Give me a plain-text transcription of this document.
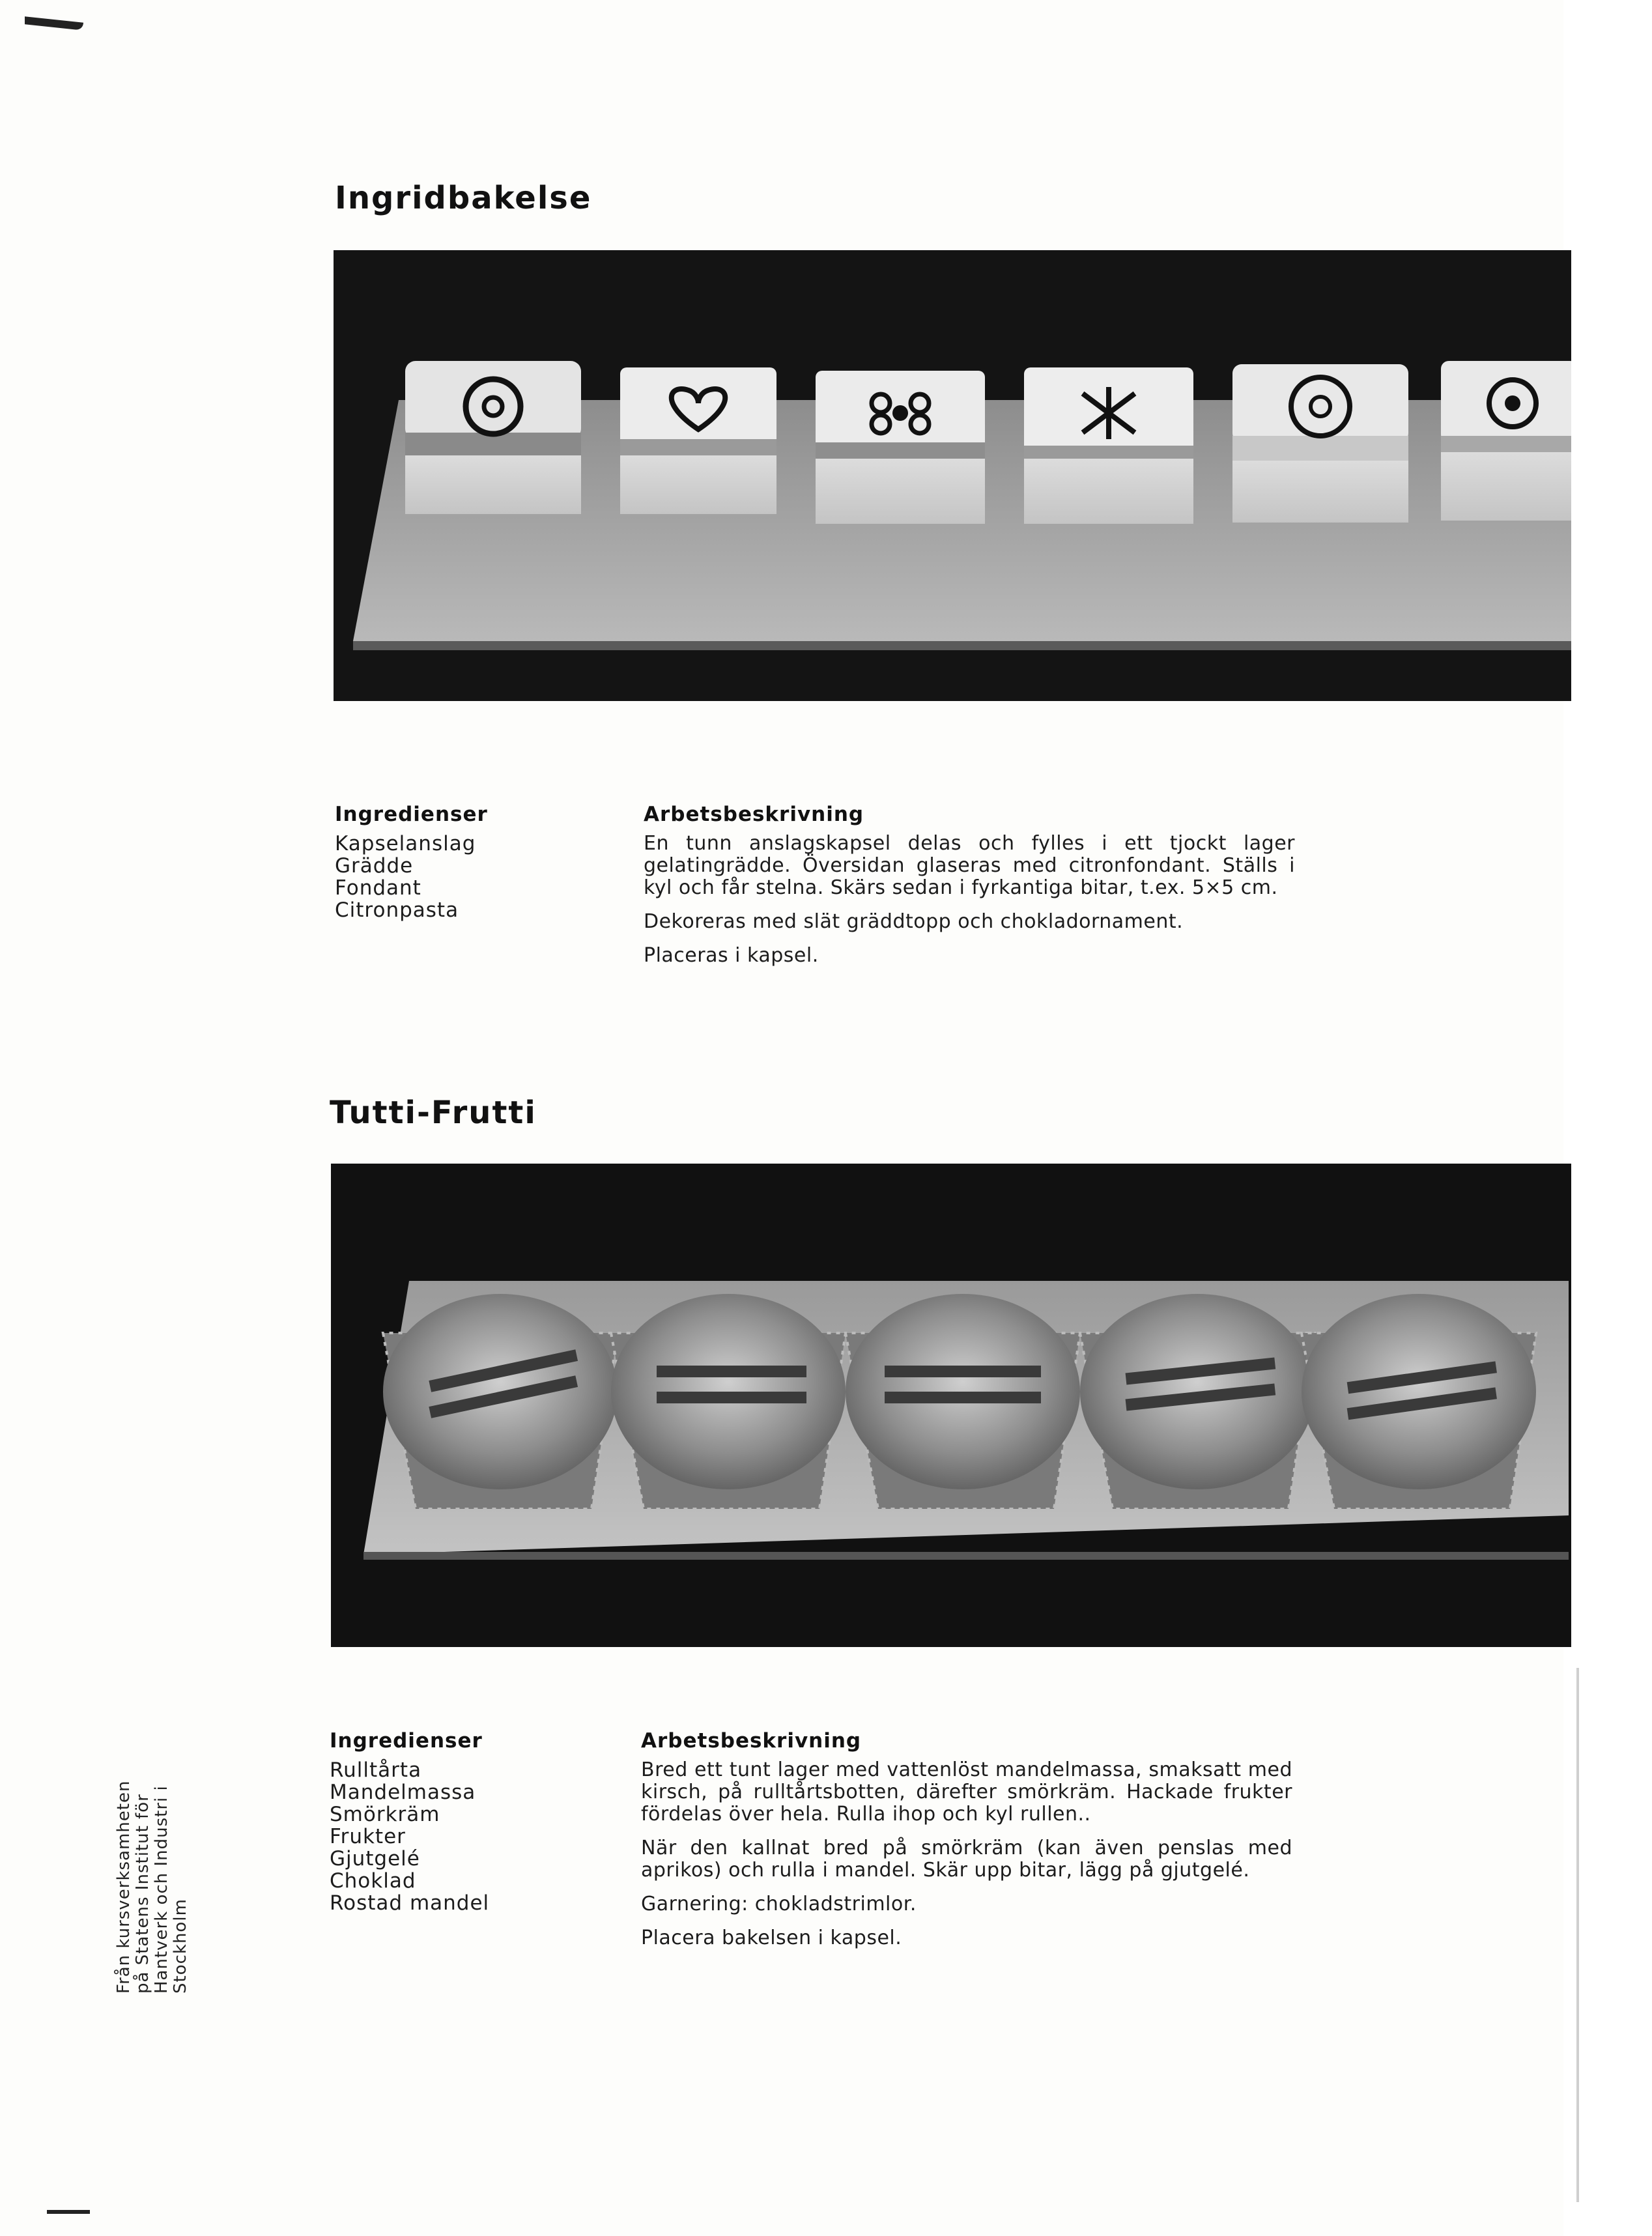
Ingridbakelse
Ingredienser
Kapselanslag
Grädde
Fondant
Citronpasta
Arbetsbeskrivning

En tunn anslagskapsel delas och fylles i ett tjockt lager gelatingrädde. Översidan glaseras med citronfondant. Ställs i kyl och får stelna. Skärs sedan i fyrkantiga bitar, t.ex. 5×5 cm.

Dekoreras med slät gräddtopp och chokladornament.

Placeras i kapsel.

Tutti-Frutti
Ingredienser
Rulltårta
Mandelmassa
Smörkräm
Frukter
Gjutgelé
Choklad
Rostad mandel
Arbetsbeskrivning

Bred ett tunt lager med vattenlöst mandelmassa, smaksatt med kirsch, på rulltårtsbotten, därefter smörkräm. Hackade frukter fördelas över hela. Rulla ihop och kyl rullen..

När den kallnat bred på smörkräm (kan även penslas med aprikos) och rulla i mandel. Skär upp bitar, lägg på gjutgelé.

Garnering: chokladstrimlor.

Placera bakelsen i kapsel.

Från kursverksamheten på Statens Institut för Hantverk och Industri i Stockholm
